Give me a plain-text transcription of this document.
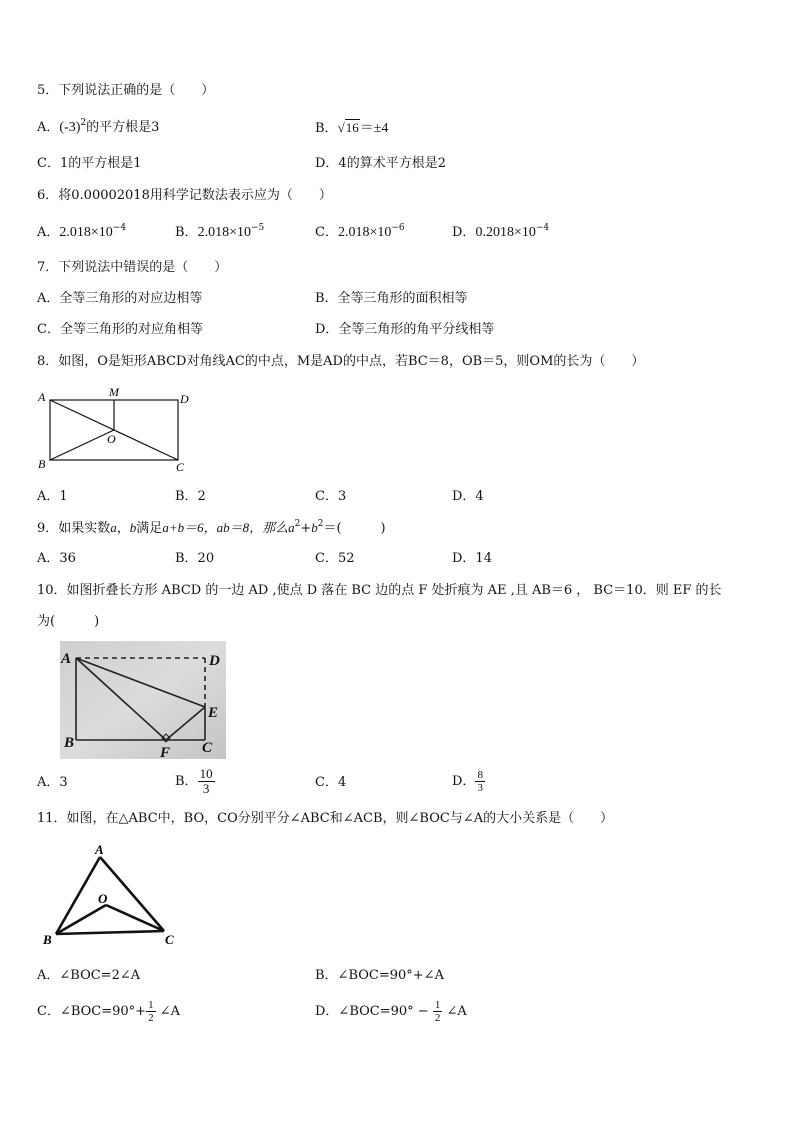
5．下列说法正确的是（　　）
A．$(-3)^2$的平方根是3	B．√16＝±4
C．1的平方根是1	D．4的算术平方根是2
6．将0.00002018用科学记数法表示应为（　　）
A．$2.018\times 10^{-4}$	B．$2.018\times 10^{-5}$	C．$2.018\times 10^{-6}$	D．$0.2018\times 10^{-4}$
7．下列说法中错误的是（　　）
A．全等三角形的对应边相等	B．全等三角形的面积相等
C．全等三角形的对应角相等	D．全等三角形的角平分线相等
8．如图，O是矩形ABCD对角线AC的中点，M是AD的中点，若BC＝8，OB＝5，则OM的长为（　　）
A	M	D
O
B	C
A．1	B．2	C．3	D．4
9．如果实数a，b满足a+b＝6，ab＝8，那么$a^2+b^2=$(　　　)
A．36	B．20	C．52	D．14
10．如图折叠长方形 ABCD 的一边 AD ,使点 D 落在 BC 边的点 F 处折痕为 AE ,且 AB＝6 ， BC＝10．则 EF 的长
为(　　　)
A	D
E
B
F C
A．3	B． $\frac{10}{3}$	C．4	D． $\frac{8}{3}$
11．如图，在△ABC中，BO，CO分别平分∠ABC和∠ACB，则∠BOC与∠A的大小关系是（　　）
A
O
B	C
A．∠BOC=2∠A	B．∠BOC=90°+∠A
C．∠BOC=90°+ $\frac{1}{2}$ ∠A	D．∠BOC=90° − $\frac{1}{2}$ ∠A
